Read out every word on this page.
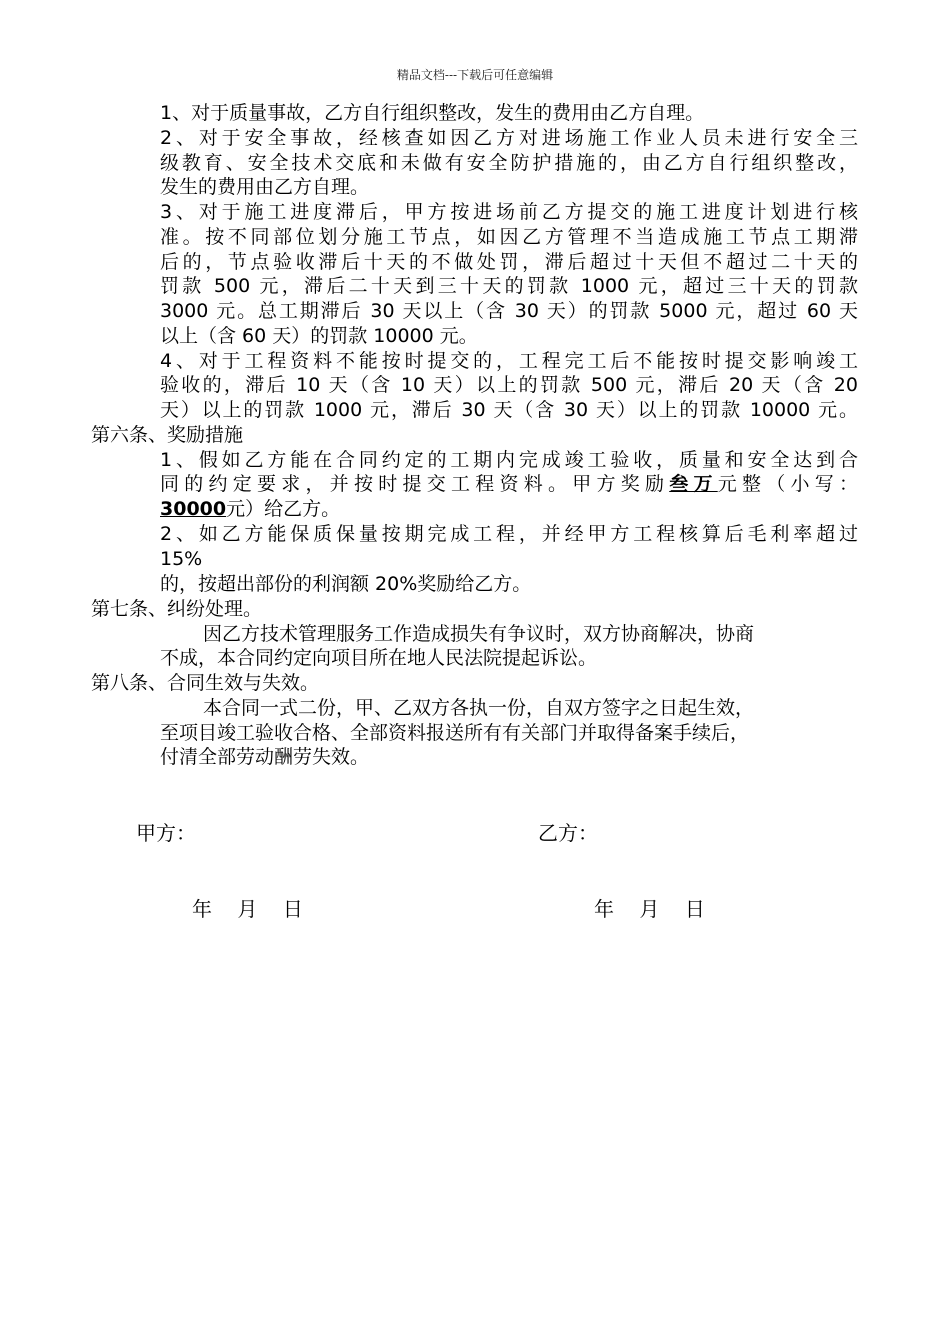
精品文档---下载后可任意编辑
1、对于质量事故，乙方自行组织整改，发生的费用由乙方自理。
2、对于安全事故，经核查如因乙方对进场施工作业人员未进行安全三
级教育、安全技术交底和未做有安全防护措施的，由乙方自行组织整改，
发生的费用由乙方自理。
3、对于施工进度滞后，甲方按进场前乙方提交的施工进度计划进行核
准。按不同部位划分施工节点，如因乙方管理不当造成施工节点工期滞
后的，节点验收滞后十天的不做处罚，滞后超过十天但不超过二十天的
罚款 500 元，滞后二十天到三十天的罚款 1000 元，超过三十天的罚款
3000 元。总工期滞后 30 天以上（含 30 天）的罚款 5000 元，超过 60 天
以上（含 60 天）的罚款 10000 元。
4、对于工程资料不能按时提交的，工程完工后不能按时提交影响竣工
验收的，滞后 10 天（含 10 天）以上的罚款 500 元，滞后 20 天（含 20
天）以上的罚款 1000 元，滞后 30 天（含 30 天）以上的罚款 10000 元。
第六条、奖励措施
1、假如乙方能在合同约定的工期内完成竣工验收，质量和安全达到合
同的约定要求，并按时提交工程资料。甲方奖励叁万元整（小写：
30000元）给乙方。
2、如乙方能保质保量按期完成工程，并经甲方工程核算后毛利率超过
15%
的，按超出部份的利润额 20%奖励给乙方。
第七条、纠纷处理。
因乙方技术管理服务工作造成损失有争议时，双方协商解决，协商
不成，本合同约定向项目所在地人民法院提起诉讼。
第八条、合同生效与失效。
本合同一式二份，甲、乙双方各执一份，自双方签字之日起生效，
至项目竣工验收合格、全部资料报送所有有关部门并取得备案手续后，
付清全部劳动酬劳失效。
甲方：	乙方：
年    月    日	年    月    日
